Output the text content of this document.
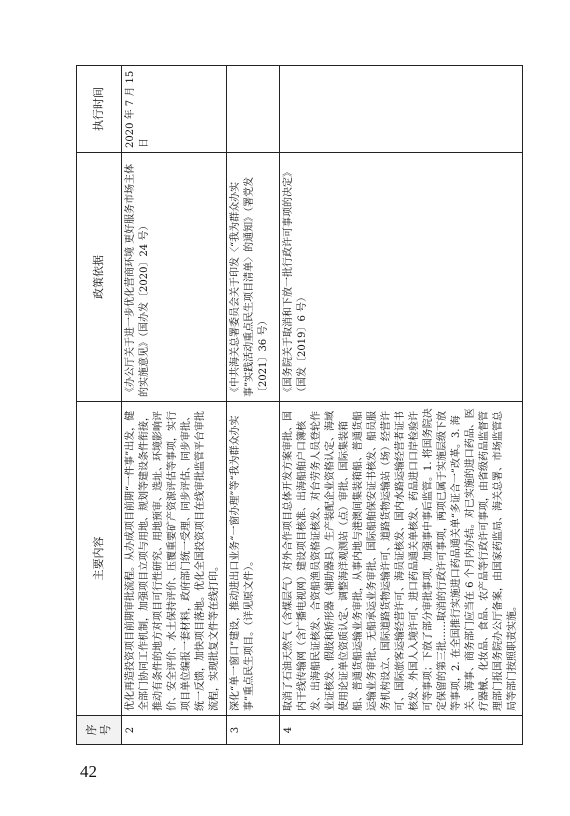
42
序号	主要内容	政策依据	执行时间
2	优化再造投资项目前期审批流程。从办成项目前期“一件事”出发，健全部门协同工作机制，加强项目立项与用地、规划等建设条件衔接，推动有条件的地方对项目可行性研究、用地预审、选址、环境影响评价、安全评价、水土保持评价、压覆重要矿产资源评估等事项，实行项目单位编报一套材料，政府部门统一受理、同步评估、同步审批、统一反馈，加快项目落地。优化全国投资项目在线审批监管平台审批流程，实现批复文件等在线打印。	《办公厅关于进一步优化营商环境 更好服务市场主体的实施意见》（国办发〔2020〕24 号）	2020 年 7 月 15 日
3	深化“单一窗口”建设，推动进出口业务“一窗办理”等“我为群众办实事”重点民生项目。（详见原文件）。	《中共海关总署委员会关于印发〈“我为群众办实事”实践活动重点民生项目清单〉的通知》（署党发〔2021〕36 号）	
4	取消了石油天然气（含煤层气）对外合作项目总体开发方案审批、国内干线传输网（含广播电视网）建设项目核准、出海船舶户口簿核发、出海船民证核发、合资船渔员资格证核发、对台劳务人员登轮作业证核发、假肢和矫形器（辅助器具）生产装配企业资格认定、海域使用论证单位资质认定、调整海洋观测站（点）审批、国际集装箱船、普通货船运输业务审批，从事内地与港澳间集装箱船、普通货船运输业务审批、无船承运业务审批、国际船舶保安证书核发、船员服务机构设立、国际道路货物运输许可、道路货物运输站（场）经营许可、国际旅客运输经营许可、海员证核发、国内水路运输经营者证书核发、外国人入境许可、进口药品通关单核发、药品进口口岸检验许可等事项；下放了部分审批事项，加强事中事后监管。1. 将国务院决定保留的第三批……取消的行政许可事项，两项已属于实施层级下放等事项，2. 在全国推行实施进口药品通关单“多证合一”改革。3. 海关、海事、商务部门应当在 6 个月内办结。对已实施的进口药品、医疗器械、化妆品、食品、农产品等行政许可事项，由省级药品监督管理部门报国务院办公厅备案，由国家药监局、海关总署、市场监管总局等部门按照职责实施。	《国务院关于取消和下放一批行政许可事项的决定》（国发〔2019〕6 号）	
